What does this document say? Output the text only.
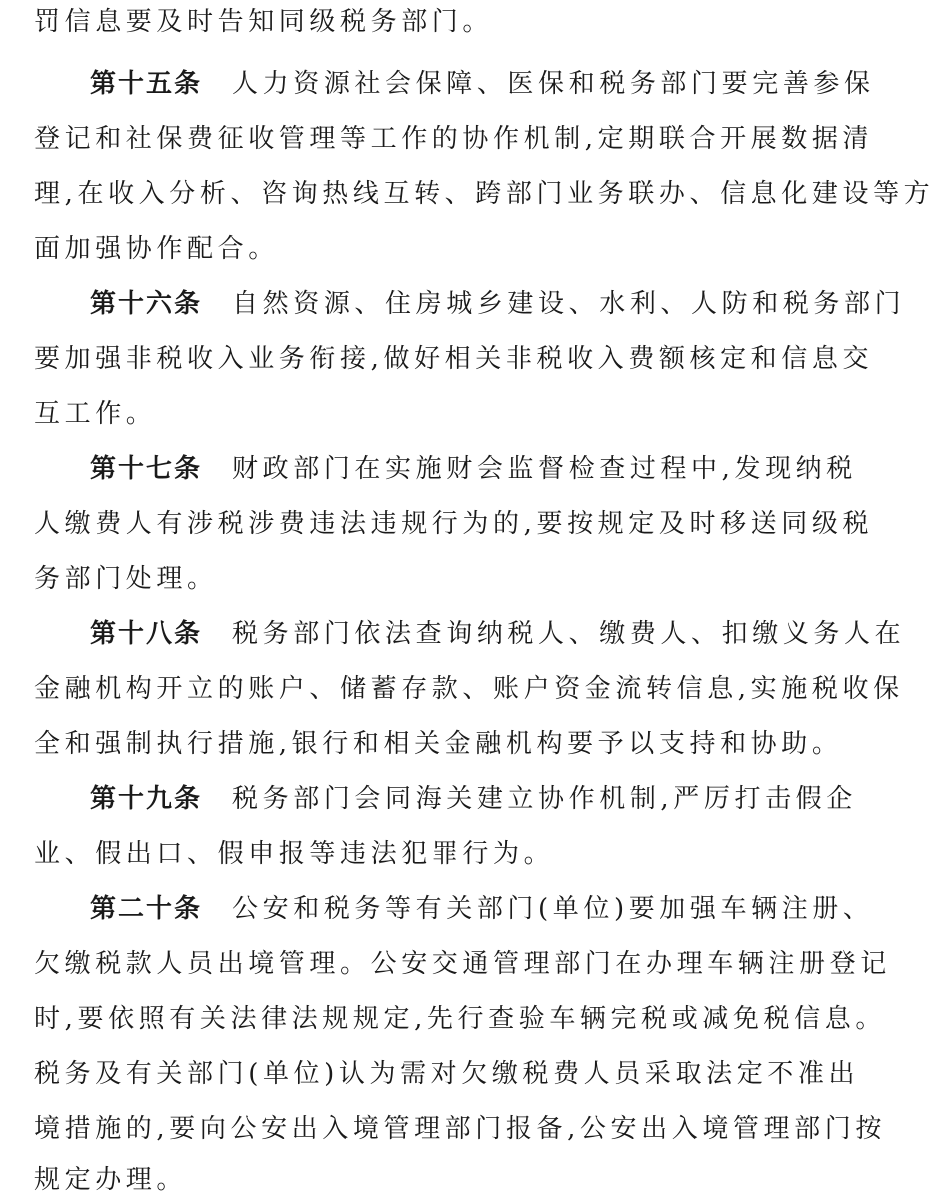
罚信息要及时告知同级税务部门。
第十五条 人力资源社会保障、医保和税务部门要完善参保
登记和社保费征收管理等工作的协作机制,定期联合开展数据清
理,在收入分析、咨询热线互转、跨部门业务联办、信息化建设等方
面加强协作配合。
第十六条 自然资源、住房城乡建设、水利、人防和税务部门
要加强非税收入业务衔接,做好相关非税收入费额核定和信息交
互工作。
第十七条 财政部门在实施财会监督检查过程中,发现纳税
人缴费人有涉税涉费违法违规行为的,要按规定及时移送同级税
务部门处理。
第十八条 税务部门依法查询纳税人、缴费人、扣缴义务人在
金融机构开立的账户、储蓄存款、账户资金流转信息,实施税收保
全和强制执行措施,银行和相关金融机构要予以支持和协助。
第十九条 税务部门会同海关建立协作机制,严厉打击假企
业、假出口、假申报等违法犯罪行为。
第二十条 公安和税务等有关部门(单位)要加强车辆注册、
欠缴税款人员出境管理。公安交通管理部门在办理车辆注册登记
时,要依照有关法律法规规定,先行查验车辆完税或减免税信息。
税务及有关部门(单位)认为需对欠缴税费人员采取法定不准出
境措施的,要向公安出入境管理部门报备,公安出入境管理部门按
规定办理。
